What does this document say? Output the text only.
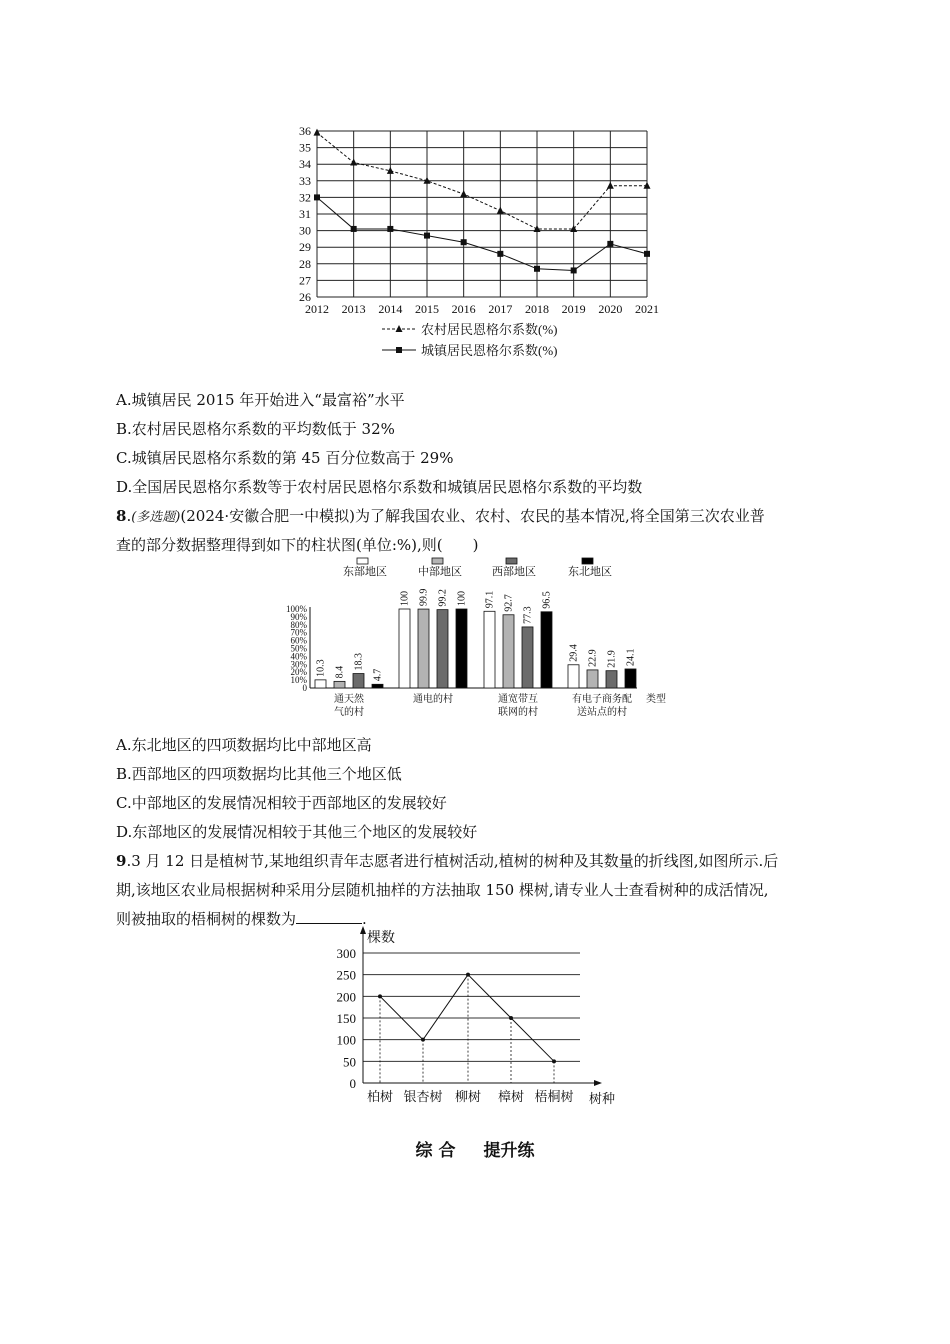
26
27
28
29
30
31
32
33
34
35
36
2012 2013 2014 2015 2016 2017 2018 2019 2020 2021
农村居民恩格尔系数(%)
城镇居民恩格尔系数(%)
A.城镇居民 2015 年开始进入“最富裕”水平
B.农村居民恩格尔系数的平均数低于 32%
C.城镇居民恩格尔系数的第 45 百分位数高于 29%
D.全国居民恩格尔系数等于农村居民恩格尔系数和城镇居民恩格尔系数的平均数
8.(多选题)(2024·安徽合肥一中模拟)为了解我国农业、农村、农民的基本情况,将全国第三次农业普
查的部分数据整理得到如下的柱状图(单位:%),则(　　)
东部地区	中部地区	西部地区	东北地区
0
10%
20%
30%
40%
50%
60%
70%
80%
90%
100%
10.3 8.4
18.3
4.7
通天然
气的村
100 99.9 99.2 100
通电的村
97.1 92.7
77.3
96.5
通宽带互
联网的村
29.4 22.9 21.9 24.1
有电子商务配
送站点的村
类型
A.东北地区的四项数据均比中部地区高
B.西部地区的四项数据均比其他三个地区低
C.中部地区的发展情况相较于西部地区的发展较好
D.东部地区的发展情况相较于其他三个地区的发展较好
9.3 月 12 日是植树节,某地组织青年志愿者进行植树活动,植树的树种及其数量的折线图,如图所示.后
期,该地区农业局根据树种采用分层随机抽样的方法抽取 150 棵树,请专业人士查看树种的成活情况,
则被抽取的梧桐树的棵数为	.
0
50
100
150
200
250
300
棵数
树种
柏树 银杏树 柳树 樟树 梧桐树
综 合 提升练
